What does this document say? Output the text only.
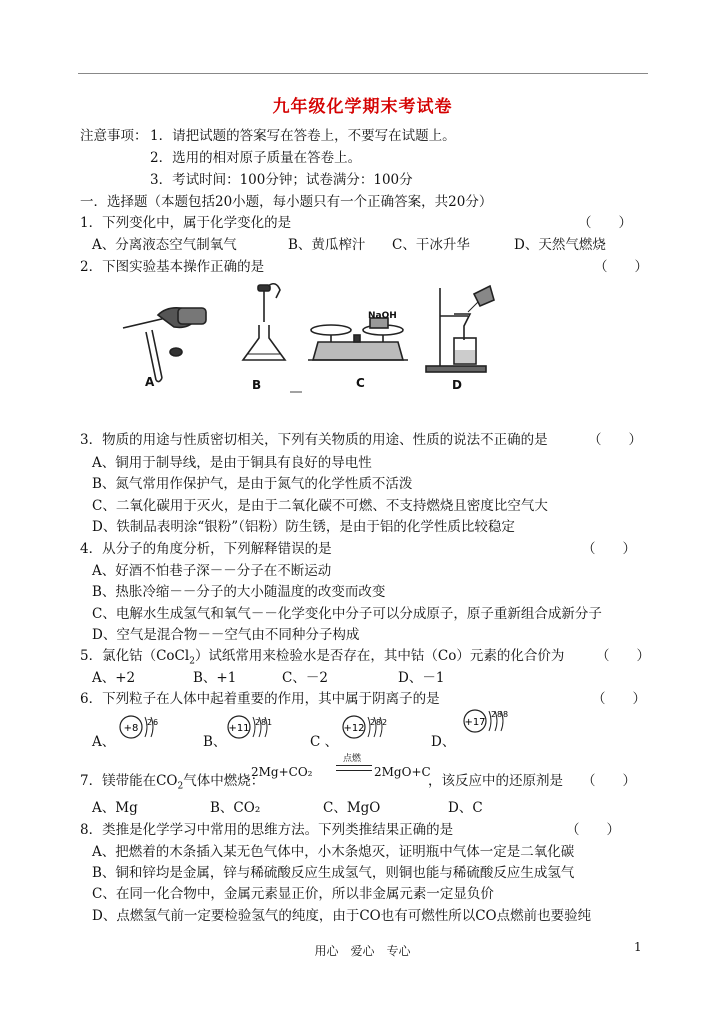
九年级化学期末考试卷
注意事项： 1．请把试题的答案写在答卷上，不要写在试题上。
2．选用的相对原子质量在答卷上。
3．考试时间：100分钟；试卷满分：100分
一．选择题（本题包括20小题，每小题只有一个正确答案，共20分）
1．下列变化中，属于化学变化的是	（　　）
A、分离液态空气制氧气	B、黄瓜榨汁 C、干冰升华	D、天然气燃烧
2．下图实验基本操作正确的是	（　　）
NaOH
A	B	C	D
3．物质的用途与性质密切相关，下列有关物质的用途、性质的说法不正确的是	（　　）
A、铜用于制导线，是由于铜具有良好的导电性
B、氮气常用作保护气，是由于氮气的化学性质不活泼
C、二氧化碳用于灭火，是由于二氧化碳不可燃、不支持燃烧且密度比空气大
D、铁制品表明涂“银粉”（铝粉）防生锈，是由于铝的化学性质比较稳定
4．从分子的角度分析，下列解释错误的是	（　　）
A、好酒不怕巷子深－－分子在不断运动
B、热胀冷缩－－分子的大小随温度的改变而改变
C、电解水生成氢气和氧气－－化学变化中分子可以分成原子，原子重新组合成新分子
D、空气是混合物－－空气由不同种分子构成
5．氯化钴（CoCl$_2$）试纸常用来检验水是否存在，其中钴（Co）元素的化合价为 （　　）
A、+2	B、+1	C、－2	D、－1
6．下列粒子在人体中起着重要的作用，其中属于阴离子的是	（　　）
A、	B、	C 、	D、
+8
2 6
+11
2 8 1
+12
2 8 2	+17
2 8 8
7．镁带能在$CO_2$气体中燃烧：
2Mg+CO₂
点燃
2MgO+C
，该反应中的还原剂是 （　　）
A、Mg	B、CO₂	C、MgO	D、C
8．类推是化学学习中常用的思维方法。下列类推结果正确的是	（　　）
A、把燃着的木条插入某无色气体中，小木条熄灭，证明瓶中气体一定是二氧化碳
B、铜和锌均是金属，锌与稀硫酸反应生成氢气，则铜也能与稀硫酸反应生成氢气
C、在同一化合物中，金属元素显正价，所以非金属元素一定显负价
D、点燃氢气前一定要检验氢气的纯度，由于CO也有可燃性所以CO点燃前也要验纯
用心　爱心　专心	1
